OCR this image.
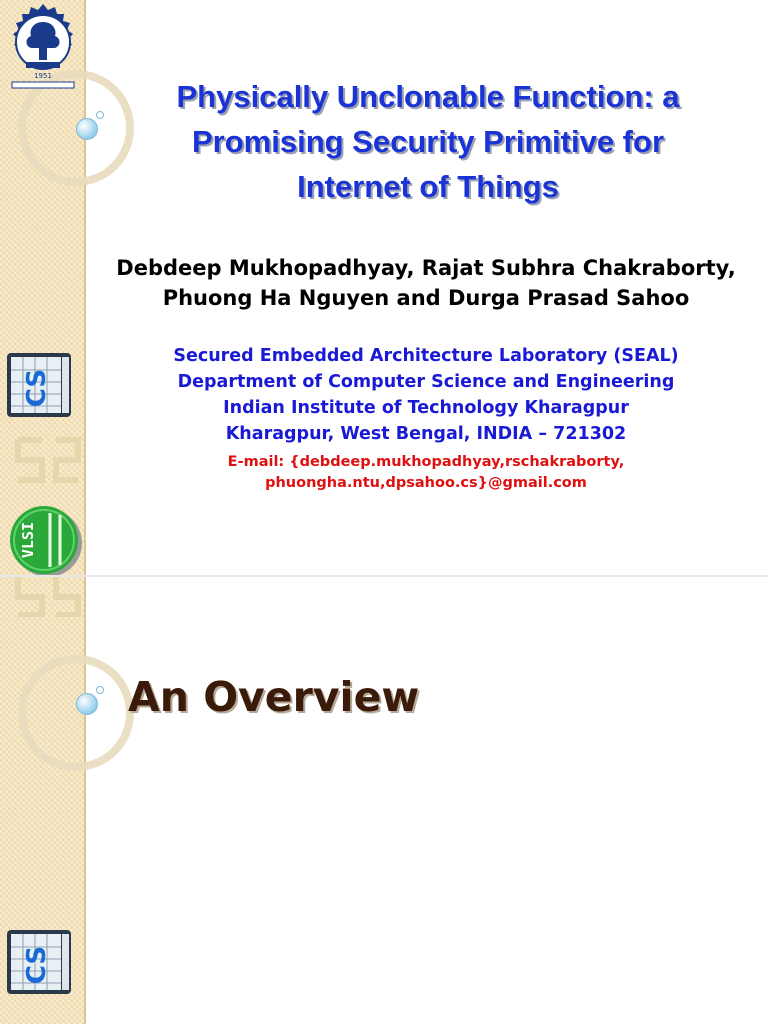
1951
CS
VLSI
Physically Unclonable Function: a
Promising Security Primitive for
Internet of Things
Debdeep Mukhopadhyay, Rajat Subhra Chakraborty,
Phuong Ha Nguyen and Durga Prasad Sahoo
Secured Embedded Architecture Laboratory (SEAL)
Department of Computer Science and Engineering
Indian Institute of Technology Kharagpur
Kharagpur, West Bengal, INDIA – 721302
E-mail: {debdeep.mukhopadhyay,rschakraborty,
phuongha.ntu,dpsahoo.cs}@gmail.com
An Overview
CS
